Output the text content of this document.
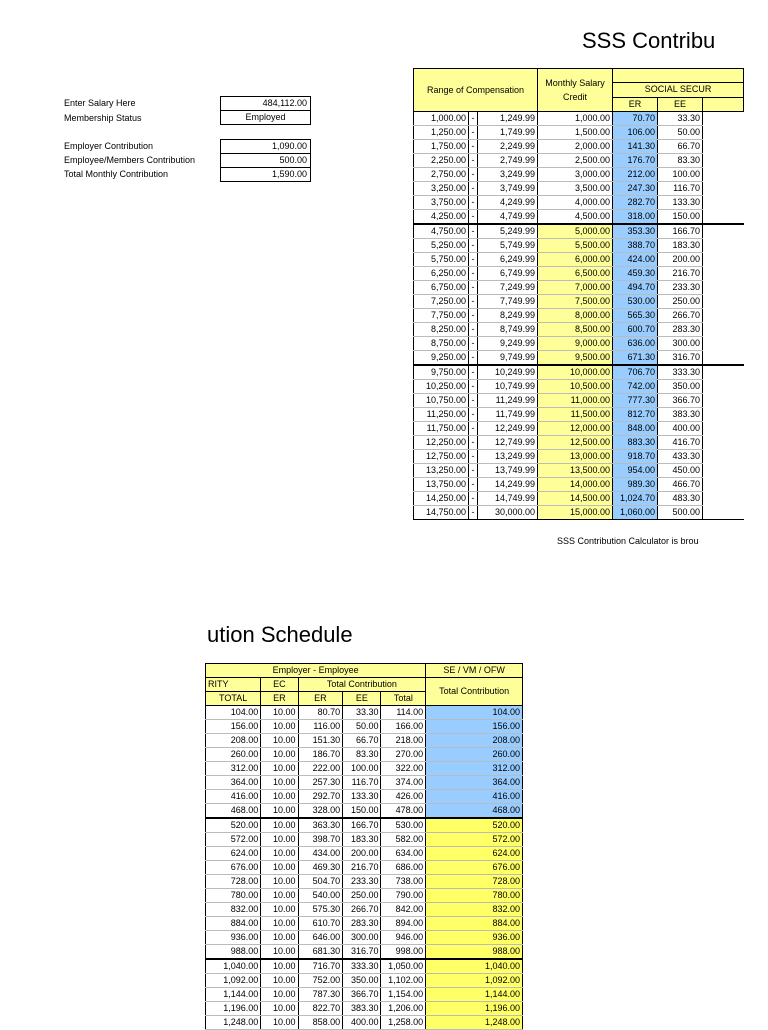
SSS Contribu
ution Schedule
Enter Salary Here	484,112.00
Membership Status	Employed
Employer Contribution	1,090.00
Employee/Members Contribution	500.00
Total Monthly Contribution	1,590.00
Range of Compensation			Monthly Salary Credit			
				SOCIAL SECUR		
				ER	EE	
1,000.00	-	1,249.99	1,000.00	70.70	33.30	
1,250.00	-	1,749.99	1,500.00	106.00	50.00	
1,750.00	-	2,249.99	2,000.00	141.30	66.70	
2,250.00	-	2,749.99	2,500.00	176.70	83.30	
2,750.00	-	3,249.99	3,000.00	212.00	100.00	
3,250.00	-	3,749.99	3,500.00	247.30	116.70	
3,750.00	-	4,249.99	4,000.00	282.70	133.30	
4,250.00	-	4,749.99	4,500.00	318.00	150.00	
4,750.00	-	5,249.99	5,000.00	353.30	166.70	
5,250.00	-	5,749.99	5,500.00	388.70	183.30	
5,750.00	-	6,249.99	6,000.00	424.00	200.00	
6,250.00	-	6,749.99	6,500.00	459.30	216.70	
6,750.00	-	7,249.99	7,000.00	494.70	233.30	
7,250.00	-	7,749.99	7,500.00	530.00	250.00	
7,750.00	-	8,249.99	8,000.00	565.30	266.70	
8,250.00	-	8,749.99	8,500.00	600.70	283.30	
8,750.00	-	9,249.99	9,000.00	636.00	300.00	
9,250.00	-	9,749.99	9,500.00	671.30	316.70	
9,750.00	-	10,249.99	10,000.00	706.70	333.30	
10,250.00	-	10,749.99	10,500.00	742.00	350.00	
10,750.00	-	11,249.99	11,000.00	777.30	366.70	
11,250.00	-	11,749.99	11,500.00	812.70	383.30	
11,750.00	-	12,249.99	12,000.00	848.00	400.00	
12,250.00	-	12,749.99	12,500.00	883.30	416.70	
12,750.00	-	13,249.99	13,000.00	918.70	433.30	
13,250.00	-	13,749.99	13,500.00	954.00	450.00	
13,750.00	-	14,249.99	14,000.00	989.30	466.70	
14,250.00	-	14,749.99	14,500.00	1,024.70	483.30	
14,750.00	-	30,000.00	15,000.00	1,060.00	500.00	
SSS Contribution Calculator is brou
Employer - Employee					SE / VM / OFW
RITY	EC	Total Contribution			Total Contribution
TOTAL	ER	ER	EE	Total	
104.00	10.00	80.70	33.30	114.00	104.00
156.00	10.00	116.00	50.00	166.00	156.00
208.00	10.00	151.30	66.70	218.00	208.00
260.00	10.00	186.70	83.30	270.00	260.00
312.00	10.00	222.00	100.00	322.00	312.00
364.00	10.00	257.30	116.70	374.00	364.00
416.00	10.00	292.70	133.30	426.00	416.00
468.00	10.00	328.00	150.00	478.00	468.00
520.00	10.00	363.30	166.70	530.00	520.00
572.00	10.00	398.70	183.30	582.00	572.00
624.00	10.00	434.00	200.00	634.00	624.00
676.00	10.00	469.30	216.70	686.00	676.00
728.00	10.00	504.70	233.30	738.00	728.00
780.00	10.00	540.00	250.00	790.00	780.00
832.00	10.00	575.30	266.70	842.00	832.00
884.00	10.00	610.70	283.30	894.00	884.00
936.00	10.00	646.00	300.00	946.00	936.00
988.00	10.00	681.30	316.70	998.00	988.00
1,040.00	10.00	716.70	333.30	1,050.00	1,040.00
1,092.00	10.00	752.00	350.00	1,102.00	1,092.00
1,144.00	10.00	787.30	366.70	1,154.00	1,144.00
1,196.00	10.00	822.70	383.30	1,206.00	1,196.00
1,248.00	10.00	858.00	400.00	1,258.00	1,248.00
